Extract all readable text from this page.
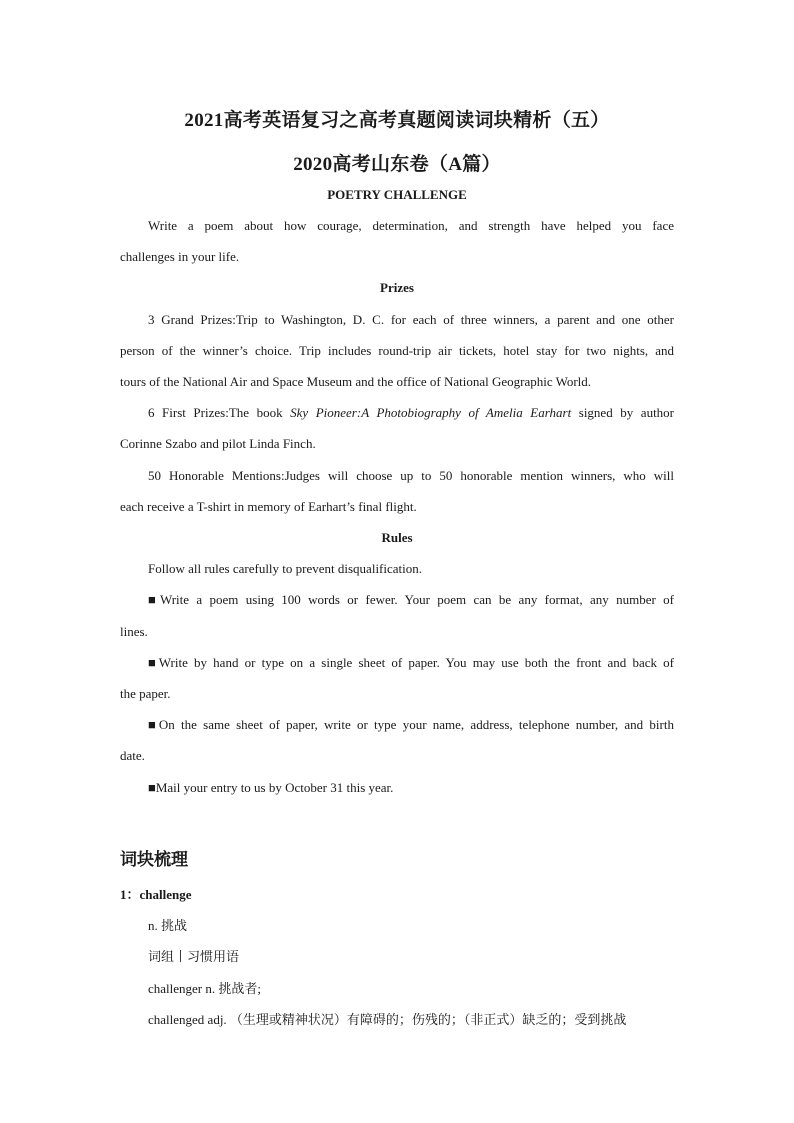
2021高考英语复习之高考真题阅读词块精析（五）
2020高考山东卷（A篇）
POETRY CHALLENGE
Write a poem about how courage, determination, and strength have helped you face
challenges in your life.
Prizes
3 Grand Prizes:Trip to Washington, D. C. for each of three winners, a parent and one other
person of the winner’s choice. Trip includes round-trip air tickets, hotel stay for two nights, and
tours of the National Air and Space Museum and the office of National Geographic World.
6 First Prizes:The book Sky Pioneer:A Photobiography of Amelia Earhart signed by author
Corinne Szabo and pilot Linda Finch.
50 Honorable Mentions:Judges will choose up to 50 honorable mention winners, who will
each receive a T-shirt in memory of Earhart’s final flight.
Rules
Follow all rules carefully to prevent disqualification.
■Write a poem using 100 words or fewer. Your poem can be any format, any number of
lines.
■Write by hand or type on a single sheet of paper. You may use both the front and back of
the paper.
■On the same sheet of paper, write or type your name, address, telephone number, and birth
date.
■Mail your entry to us by October 31 this year.
词块梳理
1：challenge
n. 挑战
词组丨习惯用语
challenger n. 挑战者;
challenged adj. （生理或精神状况）有障碍的；伤残的；（非正式）缺乏的；受到挑战
